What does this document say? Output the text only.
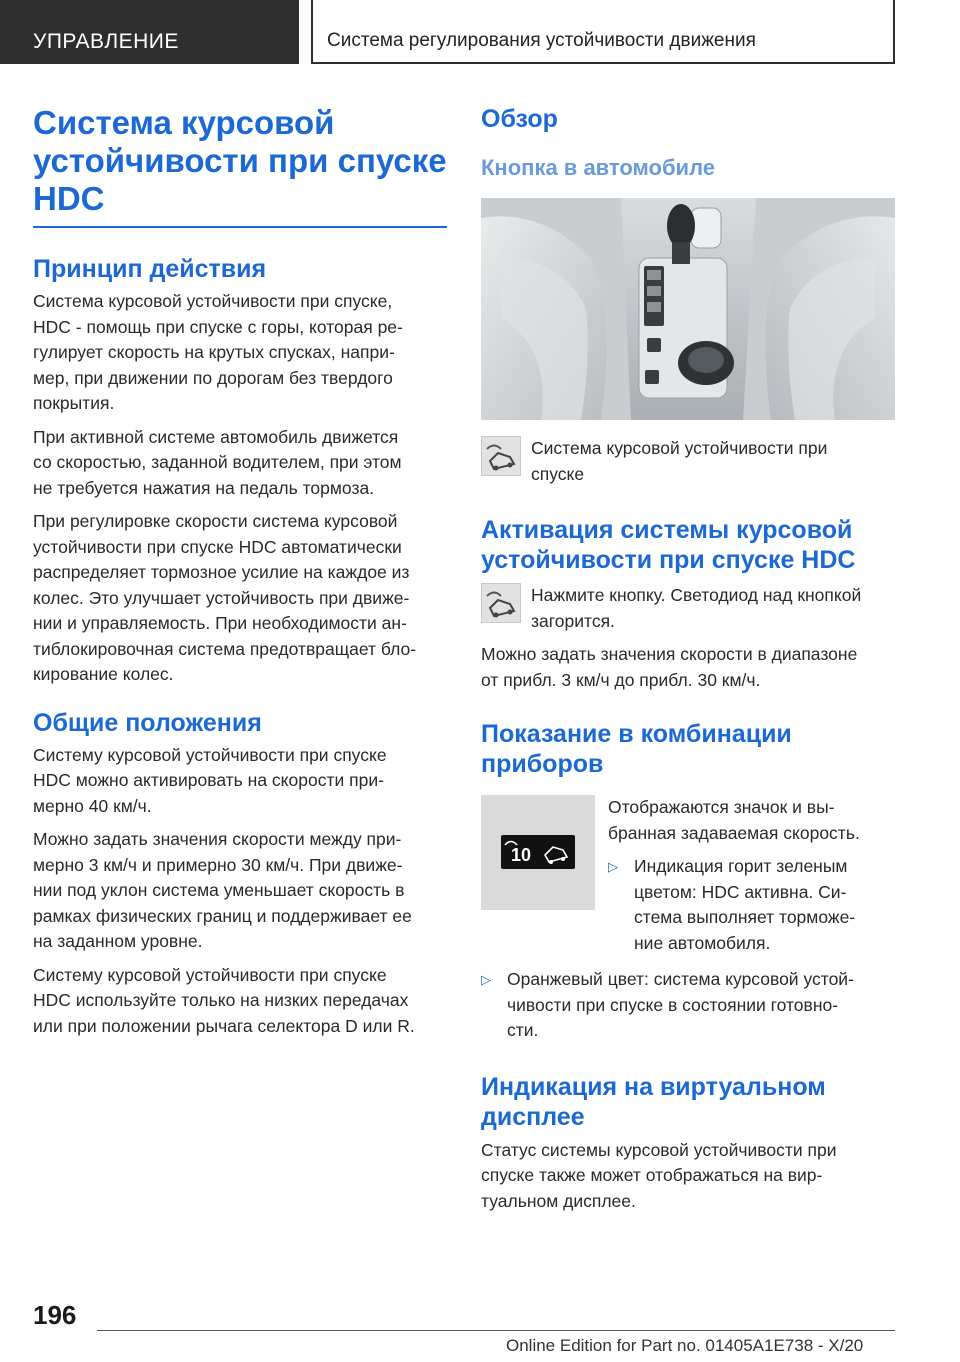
УПРАВЛЕНИЕ	Система регулирования устойчивости движения
Система курсовой
устойчивости при спуске
HDC
Принцип действия
Система курсовой устойчивости при спуске,
HDC - помощь при спуске с горы, которая ре‐
гулирует скорость на крутых спусках, напри‐
мер, при движении по дорогам без твердого
покрытия.
При активной системе автомобиль движется
со скоростью, заданной водителем, при этом
не требуется нажатия на педаль тормоза.
При регулировке скорости система курсовой
устойчивости при спуске HDC автоматически
распределяет тормозное усилие на каждое из
колес. Это улучшает устойчивость при движе‐
нии и управляемость. При необходимости ан‐
тиблокировочная система предотвращает бло‐
кирование колес.
Общие положения
Систему курсовой устойчивости при спуске
HDC можно активировать на скорости при‐
мерно 40 км/ч.
Можно задать значения скорости между при‐
мерно 3 км/ч и примерно 30 км/ч. При движе‐
нии под уклон система уменьшает скорость в
рамках физических границ и поддерживает ее
на заданном уровне.
Систему курсовой устойчивости при спуске
HDC используйте только на низких передачах
или при положении рычага селектора D или R.
Обзор
Кнопка в автомобиле
Система курсовой устойчивости при
спуске
Активация системы курсовой
устойчивости при спуске HDC
Нажмите кнопку. Светодиод над кнопкой
загорится.
Можно задать значения скорости в диапазоне
от прибл. 3 км/ч до прибл. 30 км/ч.
Показание в комбинации
приборов
10
Отображаются значок и вы‐
бранная задаваемая скорость.
▷ Индикация горит зеленым
цветом: HDC активна. Си‐
стема выполняет торможе‐
ние автомобиля.
▷ Оранжевый цвет: система курсовой устой‐
чивости при спуске в состоянии готовно‐
сти.
Индикация на виртуальном
дисплее
Статус системы курсовой устойчивости при
спуске также может отображаться на вир‐
туальном дисплее.
196
Online Edition for Part no. 01405A1E738 - X/20
